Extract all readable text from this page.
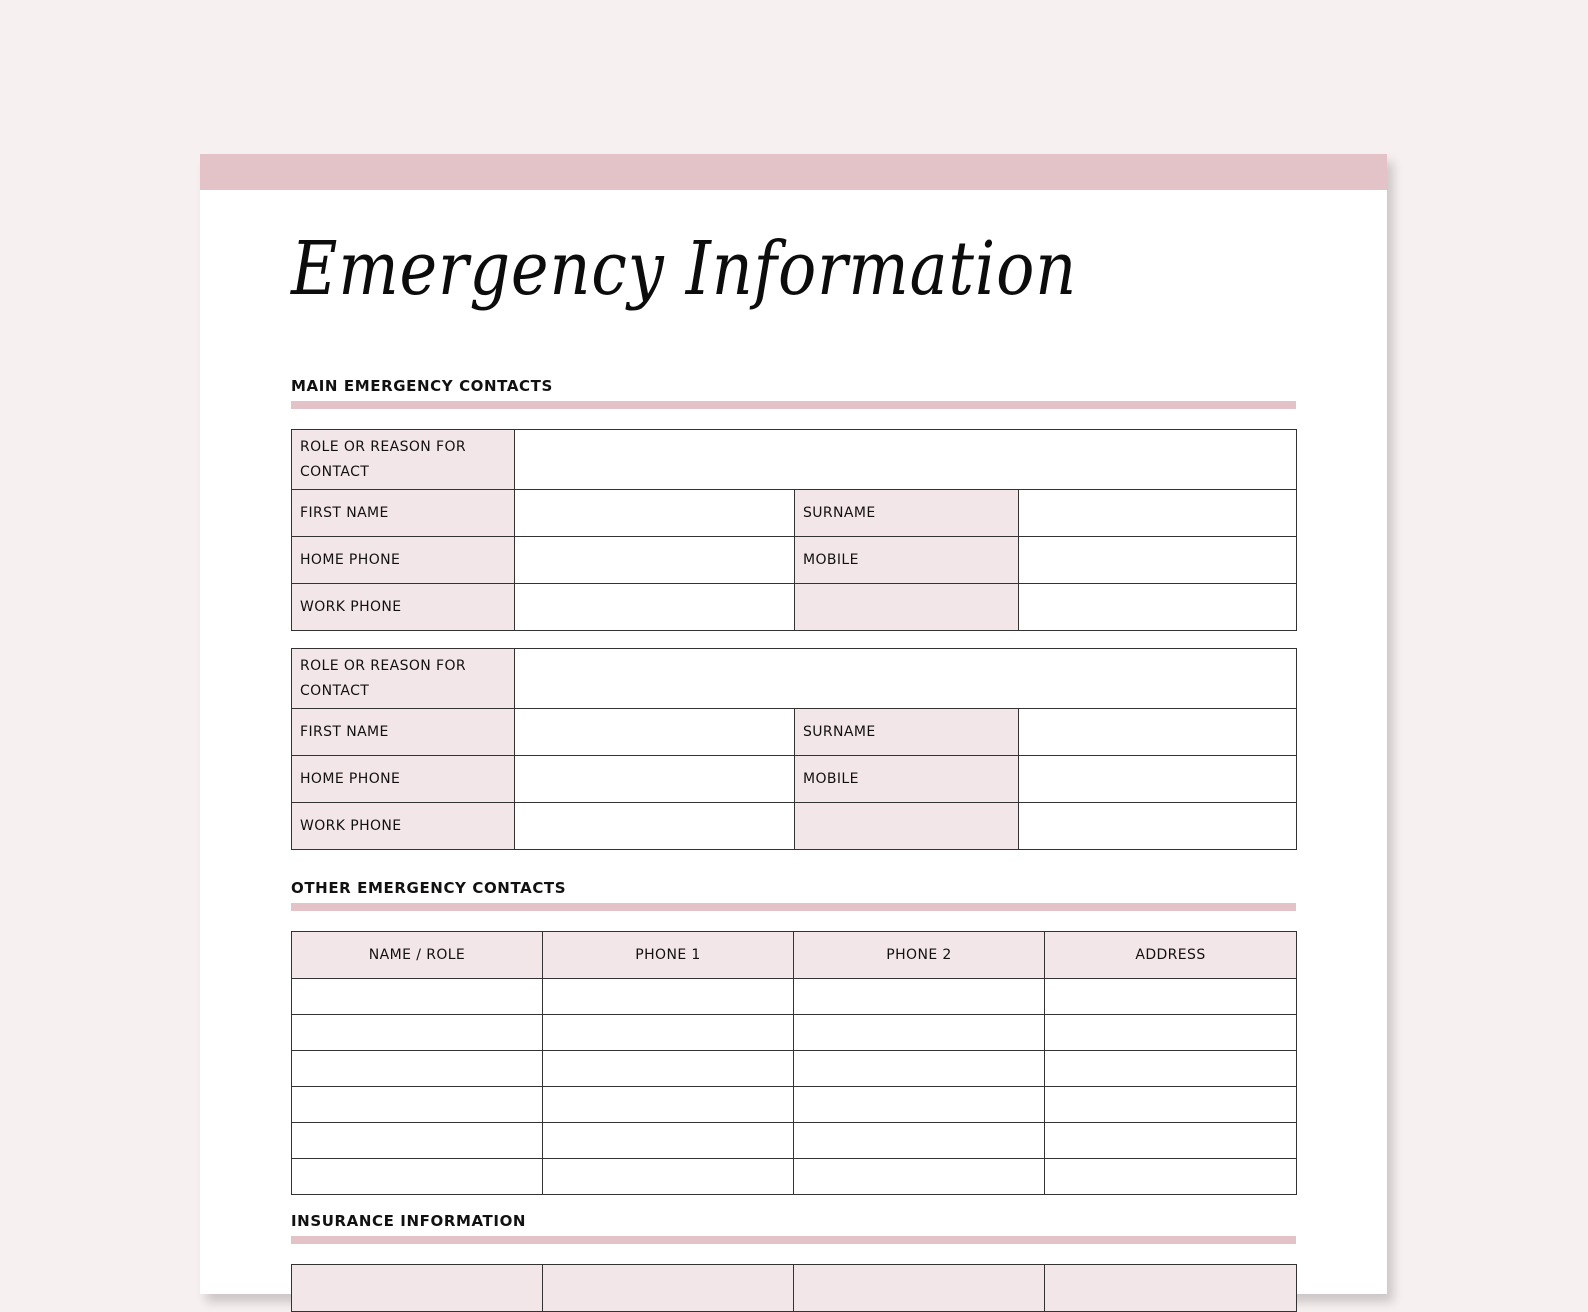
Emergency Information
MAIN EMERGENCY CONTACTS
ROLE OR REASON FOR CONTACT			
FIRST NAME		SURNAME	
HOME PHONE		MOBILE	
WORK PHONE			
ROLE OR REASON FOR CONTACT			
FIRST NAME		SURNAME	
HOME PHONE		MOBILE	
WORK PHONE			
OTHER EMERGENCY CONTACTS
NAME / ROLE	PHONE 1	PHONE 2	ADDRESS

INSURANCE INFORMATION
